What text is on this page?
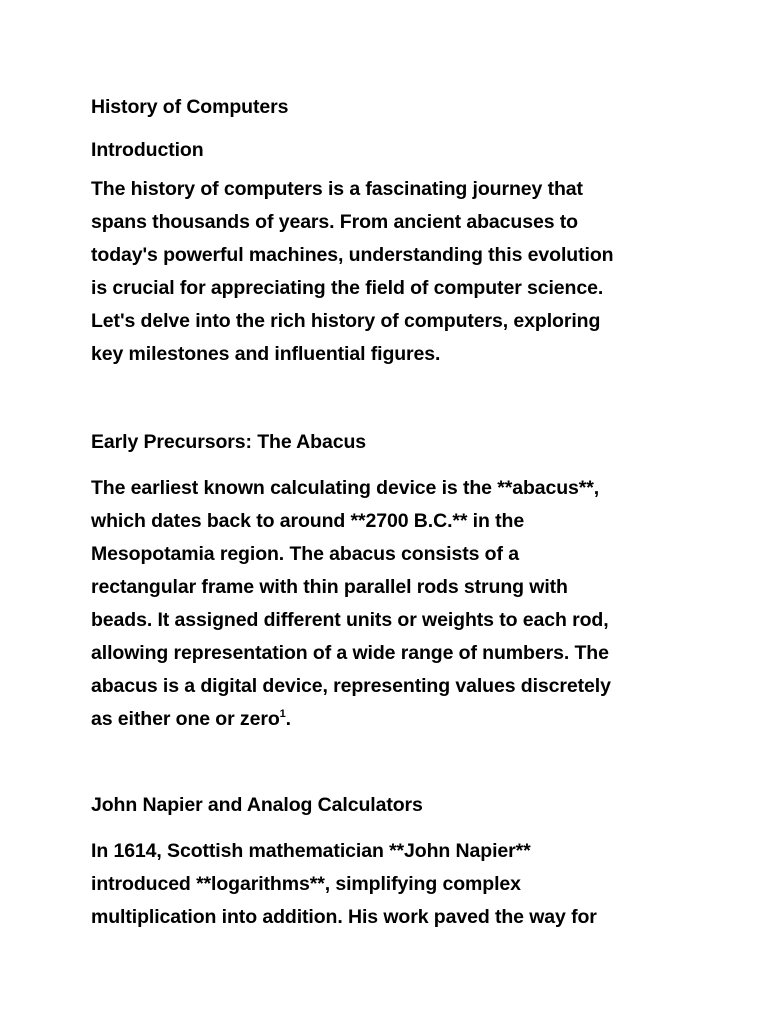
History of Computers
Introduction
The history of computers is a fascinating journey that
spans thousands of years. From ancient abacuses to
today's powerful machines, understanding this evolution
is crucial for appreciating the field of computer science.
Let's delve into the rich history of computers, exploring
key milestones and influential figures.
Early Precursors: The Abacus
The earliest known calculating device is the **abacus**,
which dates back to around **2700 B.C.** in the
Mesopotamia region. The abacus consists of a
rectangular frame with thin parallel rods strung with
beads. It assigned different units or weights to each rod,
allowing representation of a wide range of numbers. The
abacus is a digital device, representing values discretely
as either one or zero$^1$.
John Napier and Analog Calculators
In 1614, Scottish mathematician **John Napier**
introduced **logarithms**, simplifying complex
multiplication into addition. His work paved the way for
